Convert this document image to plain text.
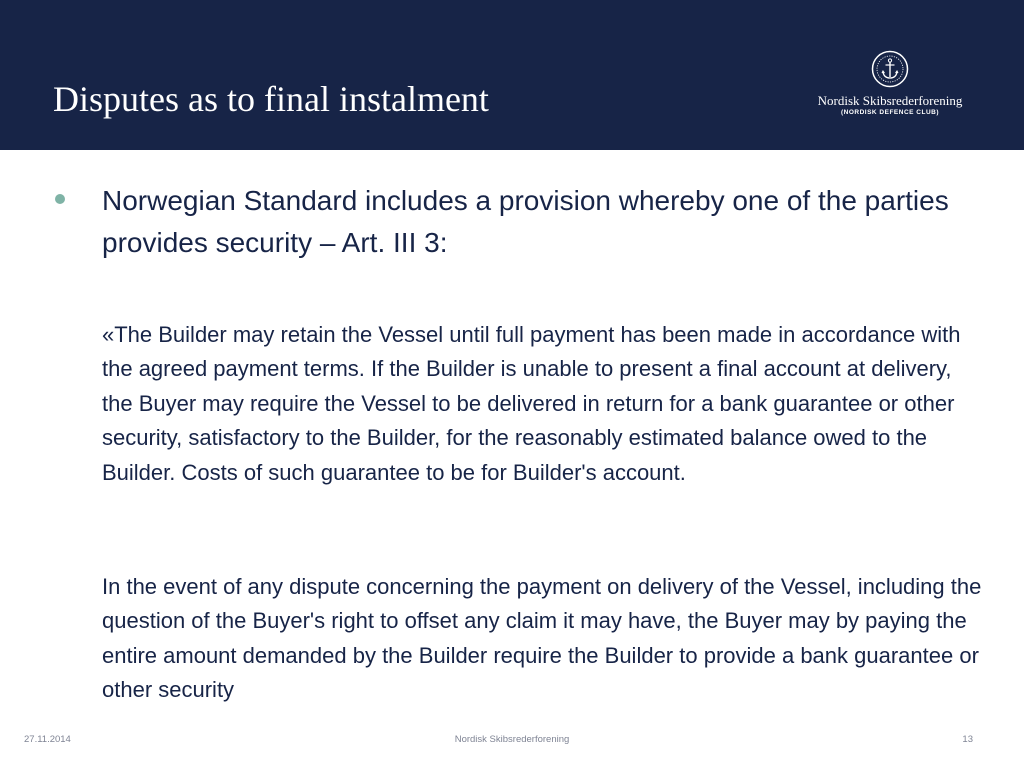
Disputes as to final instalment	Nordisk Skibsrederforening
(NORDISK DEFENCE CLUB)
Norwegian Standard includes a provision whereby one of the parties provides security – Art. III 3:
«The Builder may retain the Vessel until full payment has been made in accordance with the agreed payment terms. If the Builder is unable to present a final account at delivery, the Buyer may require the Vessel to be delivered in return for a bank guarantee or other security, satisfactory to the Builder, for the reasonably estimated balance owed to the Builder. Costs of such guarantee to be for Builder's account.
In the event of any dispute concerning the payment on delivery of the Vessel, including the question of the Buyer's right to offset any claim it may have, the Buyer may by paying the entire amount demanded by the Builder require the Builder to provide a bank guarantee or other security
27.11.2014	Nordisk Skibsrederforening	13
